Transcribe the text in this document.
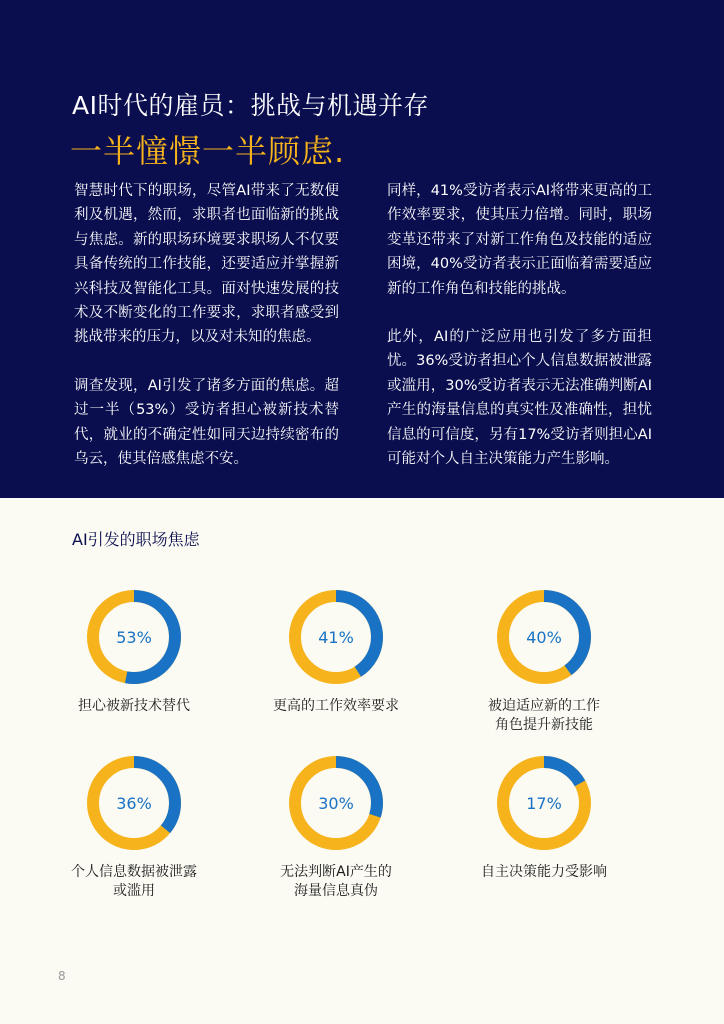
AI时代的雇员：挑战与机遇并存
一半憧憬一半顾虑.

智慧时代下的职场，尽管AI带来了无数便利及机遇，然而，求职者也面临新的挑战与焦虑。新的职场环境要求职场人不仅要具备传统的工作技能，还要适应并掌握新兴科技及智能化工具。面对快速发展的技术及不断变化的工作要求，求职者感受到挑战带来的压力，以及对未知的焦虑。

调查发现，AI引发了诸多方面的焦虑。超过一半（53%）受访者担心被新技术替代，就业的不确定性如同天边持续密布的乌云，使其倍感焦虑不安。

同样，41%受访者表示AI将带来更高的工作效率要求，使其压力倍增。同时，职场变革还带来了对新工作角色及技能的适应困境，40%受访者表示正面临着需要适应新的工作角色和技能的挑战。

此外，AI的广泛应用也引发了多方面担忧。36%受访者担心个人信息数据被泄露或滥用，30%受访者表示无法准确判断AI产生的海量信息的真实性及准确性，担忧信息的可信度，另有17%受访者则担心AI可能对个人自主决策能力产生影响。

AI引发的职场焦虑
53%
担心被新技术替代
41%
更高的工作效率要求
40%
被迫适应新的工作
角色提升新技能
36%
个人信息数据被泄露
或滥用
30%
无法判断AI产生的
海量信息真伪
17%
自主决策能力受影响
8
